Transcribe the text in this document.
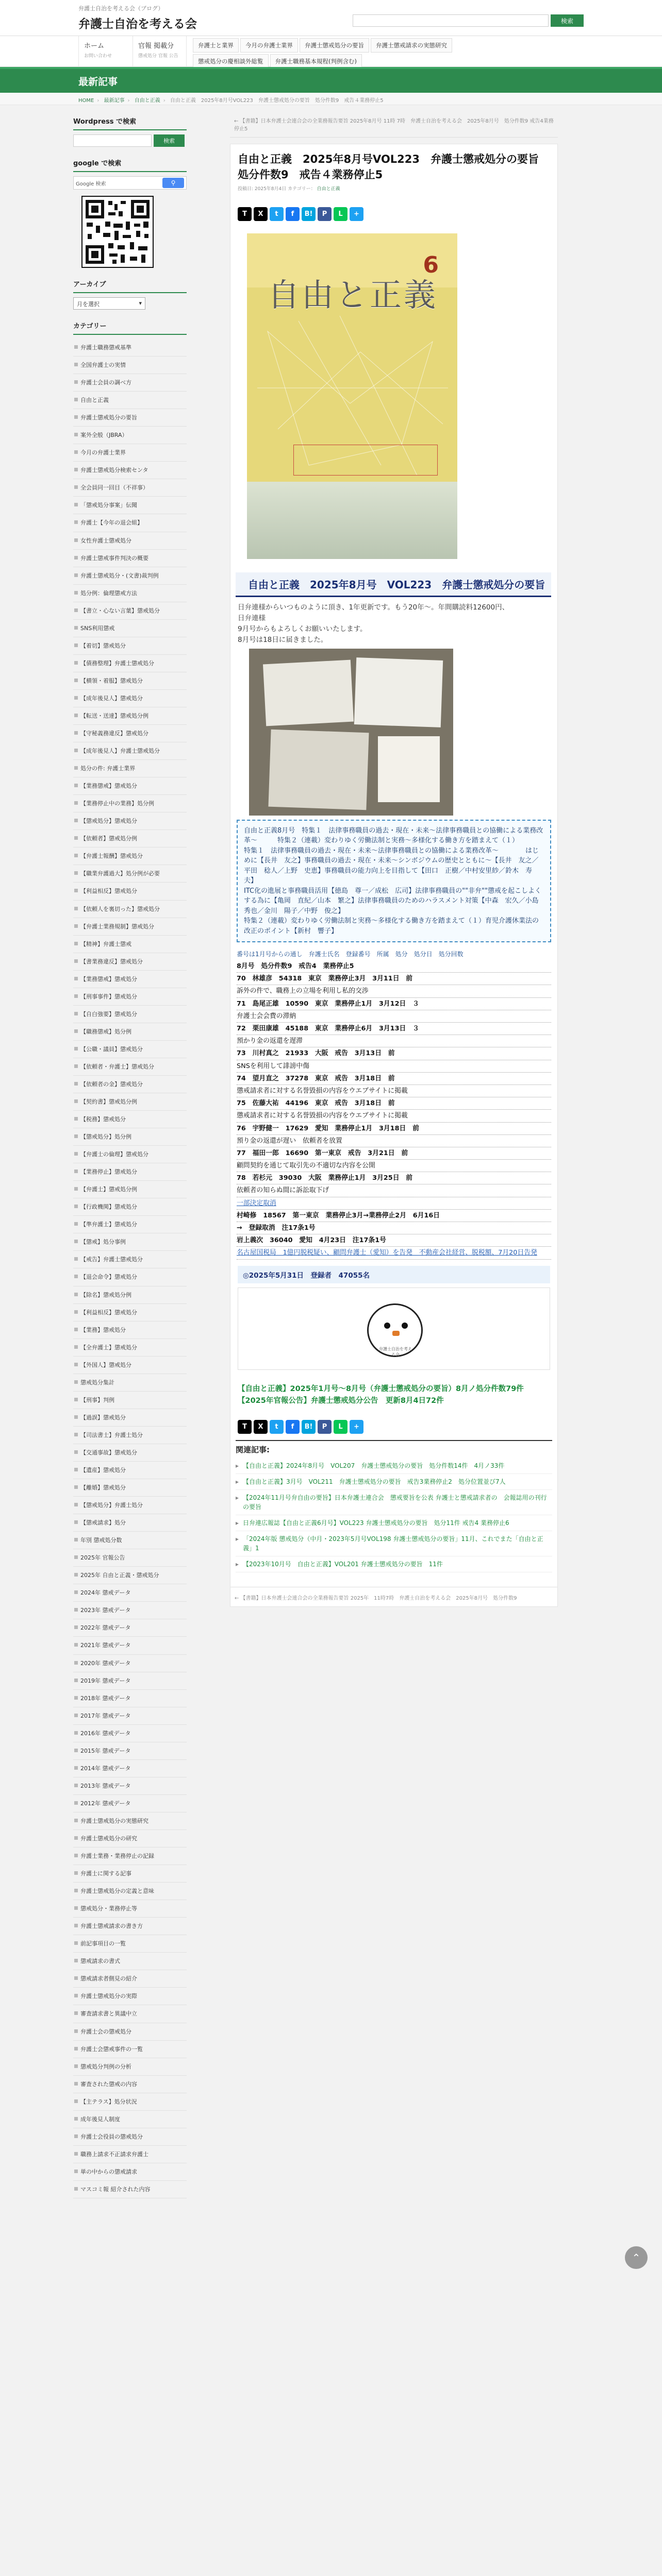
弁護士自治を考える会（ブログ）
弁護士自治を考える会	検索
ホーム
お問い合わせ
官報 掲載分
懲戒処分 官報 公告
弁護士と業界	今月の弁護士業界	弁護士懲戒処分の要旨	弁護士懲戒請求の実態研究
懲戒処分の慶相談外総覧	弁護士職務基本規程(判例含む)
最新記事
HOME › 最新記事 › 自由と正義 › 自由と正義　2025年8月号VOL223　弁護士懲戒処分の要旨　処分件数9　戒告４業務停止5
Wordpress で検索
検索
google で検索
Google 検索	⚲
アーカイブ
月を選択	▾
カテゴリー
弁護士職務懲戒基準
全国弁護士の実情
弁護士会員の調べ方
自由と正義
弁護士懲戒処分の要旨
案外全般（JBRA）
今月の弁護士業界
弁護士懲戒処分検索センタ
全会員同一回目（不祥事）
「懲戒処分事案」伝聞
弁護士【今年の退会組】
女性弁護士懲戒処分
弁護士懲戒事件判決の概要
弁護士懲戒処分・(文書)裁判例
処分例：倫理懲戒方法
【書立・心ない言葉】懲戒処分
SNS利用懲戒
【着切】懲戒処分
【債務整理】弁護士懲戒処分
【横領・着服】懲戒処分
【成年後見人】懲戒処分
【転送・送達】懲戒処分例
【守秘義務違反】懲戒処分
【成年後見人】弁護士懲戒処分
処分の件: 弁護士業界
【業務懲戒】懲戒処分
【業務停止中の業務】処分例
【懲戒処分】懲戒処分
【依頼者】懲戒処分例
【弁護士報酬】懲戒処分
【職業弁護過大】処分例が必要
【利益相反】懲戒処分
【依頼人を裏切った】懲戒処分
【弁護士業務規制】懲戒処分
【精神】弁護士懲戒
【書業務違反】懲戒処分
【業務懲戒】懲戒処分
【刑事事件】懲戒処分
【自白強要】懲戒処分
【職務懲戒】処分例
【公職・議員】懲戒処分
【依頼者・弁護士】懲戒処分
【依頼者の金】懲戒処分
【契約書】懲戒処分例
【税務】懲戒処分
【懲戒処分】処分例
【弁護士の倫理】懲戒処分
【業務停止】懲戒処分
【弁護士】懲戒処分例
【行政機関】懲戒処分
【準弁護士】懲戒処分
【懲戒】処分事例
【戒告】弁護士懲戒処分
【退会命令】懲戒処分
【除名】懲戒処分例
【利益相反】懲戒処分
【業務】懲戒処分
【全弁護士】懲戒処分
【外国人】懲戒処分
懲戒処分集計
【刑事】判例
【過誤】懲戒処分
【司法書士】弁護士処分
【交通事故】懲戒処分
【遺産】懲戒処分
【離婚】懲戒処分
【懲戒処分】弁護士処分
【懲戒請求】処分
年別 懲戒処分数
2025年 官報公告
2025年 自由と正義・懲戒処分
2024年 懲戒データ
2023年 懲戒データ
2022年 懲戒データ
2021年 懲戒データ
2020年 懲戒データ
2019年 懲戒データ
2018年 懲戒データ
2017年 懲戒データ
2016年 懲戒データ
2015年 懲戒データ
2014年 懲戒データ
2013年 懲戒データ
2012年 懲戒データ
弁護士懲戒処分の実態研究
弁護士懲戒処分の研究
弁護士業務・業務停止の記録
弁護士に関する記事
弁護士懲戒処分の定義と意味
懲戒処分・業務停止等
弁護士懲戒請求の書き方
前記事項目の一覧
懲戒請求の書式
懲戒請求者側見の紹介
弁護士懲戒処分の実際
審査請求書と異議中立
弁護士会の懲戒処分
弁護士会懲戒事件の一覧
懲戒処分判例の分析
審査された懲戒の内容
【主テラス】処分状況
成年後見人制度
弁護士会役員の懲戒処分
職務上請求不正請求弁護士
単の中からの懲戒請求
マスコミ報 紹介された内容
← 【書籍】日本弁護士会連合会の全業務報告要旨 2025年8月号 11時 7時　弁護士自治を考える会　2025年8月号　処分件数9 戒告4業務停止5
自由と正義　2025年8月号VOL223　弁護士懲戒処分の要旨　処分件数9　戒告４業務停止5
投稿日: 2025年8月4日 カテゴリー： 自由と正義
T	X	t	f	B!	P	L	+
6
自由と正義
自由と正義　2025年8月号　VOL223　弁護士懲戒処分の要旨
日弁連様からいつものように頂き、1年更新です。もう20年〜。年間購読料12600円、
日弁連様
9月号からもよろしくお願いいたします。
8月号は18日に届きました。
自由と正義8月号　特集１　法律事務職員の過去・現在・未来〜法律事務職員との協働による業務改革〜　　　特集２（連載）変わりゆく労働法制と実務〜多様化する働き方を踏まえて（１）
特集１　法律事務職員の過去・現在・未来〜法律事務職員との協働による業務改革〜　　　　はじめに【長井　友之】事務職員の過去・現在・未来〜シンボジウムの歴史とともに〜【長井　友之／平田　稔人／上野　史恵】事務職員の能力向上を目指して【田口　正樹／中村安里紗／鈴木　寿夫】
ITC化の進展と事務職員活用【徳島　尊一／成松　広司】法律事務職員の""非弁""懲戒を起こしよくする為に【亀岡　直紀／山本　繁之】法律事務職員のためのハラスメント対策【中森　宏久／小島　秀也／金川　陽子／中野　俊之】
特集２（連載）変わりゆく労働法制と実務〜多様化する働き方を踏まえて（１）育児介護休業法の改正のポイント【新村　響子】
番号は1月号からの通し　弁護士氏名　登録番号　所属　処分　処分日　処分回数
8月号　処分件数9　戒告4　業務停止5
70　林雄彦　54318　東京　業務停止3月　3月11日　前
訴外の件で、職務上の立場を利用し私的交渉
71　島尾正雄　10590　東京　業務停止1月　3月12日　３
弁護士会会費の滞納
72　栗田康雄　45188　東京　業務停止6月　3月13日　３
預かり金の返還を遅滞
73　川村真之　21933　大阪　戒告　3月13日　前
SNSを利用して誹謗中傷
74　望月直之　37278　東京　戒告　3月18日　前
懲戒請求者に対する名誉毀損の内容をウエブサイトに掲載
75　佐藤大祐　44196　東京　戒告　3月18日　前
懲戒請求者に対する名誉毀損の内容をウエブサイトに掲載
76　宇野健一　17629　愛知　業務停止1月　3月18日　前
預り金の返還が遅い　依頼者を放置
77　福田一郎　16690　第一東京　戒告　3月21日　前
顧問契約を通じて取引先の不適切な内容を公開
78　若杉元　39030　大阪　業務停止1月　3月25日　前
依頼者の知らぬ間に訴訟取下げ
一部決定取消
村崎修　18567　第一東京　業務停止3月→業務停止2月　6月16日
→　登録取消　注17条1号
岩上義次　36040　愛知　4月23日　注17条1号
名古屋国税局　1億円脱税疑い、顧問弁護士（愛知）を告発　不動産会社経営、脱税額、7月20日告発
◎2025年5月31日　登録者　47055名
弁護士自治を考える会
【自由と正義】2025年1月号〜8月号（弁護士懲戒処分の要旨）8月ノ処分件数79件【2025年官報公告】弁護士懲戒処分公告　更新8月4日72件
T	X	t	f	B!	P	L	+
関連記事:
▸ 【自由と正義】2024年8月号　VOL207　弁護士懲戒処分の要旨　処分件数14件　4月ノ33件
▸ 【自由と正義】3月号　VOL211　弁護士懲戒処分の要旨　戒告3業務停止2　処分位置並び7人
▸ 【2024年11月号弁自由の要旨】日本弁護士連合会　懲戒要旨を公表 弁護士と懲戒請求者の　会報誌用の刊行の要旨
▸ 日弁連広報誌【自由と正義6月号】VOL223 弁護士懲戒処分の要旨　処分11件 戒告4 業務停止6
▸ 「2024年版 懲戒処分（中月・2023年5月号VOL198 弁護士懲戒処分の要旨」11月、これでまた「自由と正義」1
▸ 【2023年10月号　自由と正義】VOL201 弁護士懲戒処分の要旨　11件
← 【書籍】日本弁護士会連合会の全業務報告要旨 2025年　11時7時　弁護士自治を考える会　2025年8月号　処分件数9
⌃
